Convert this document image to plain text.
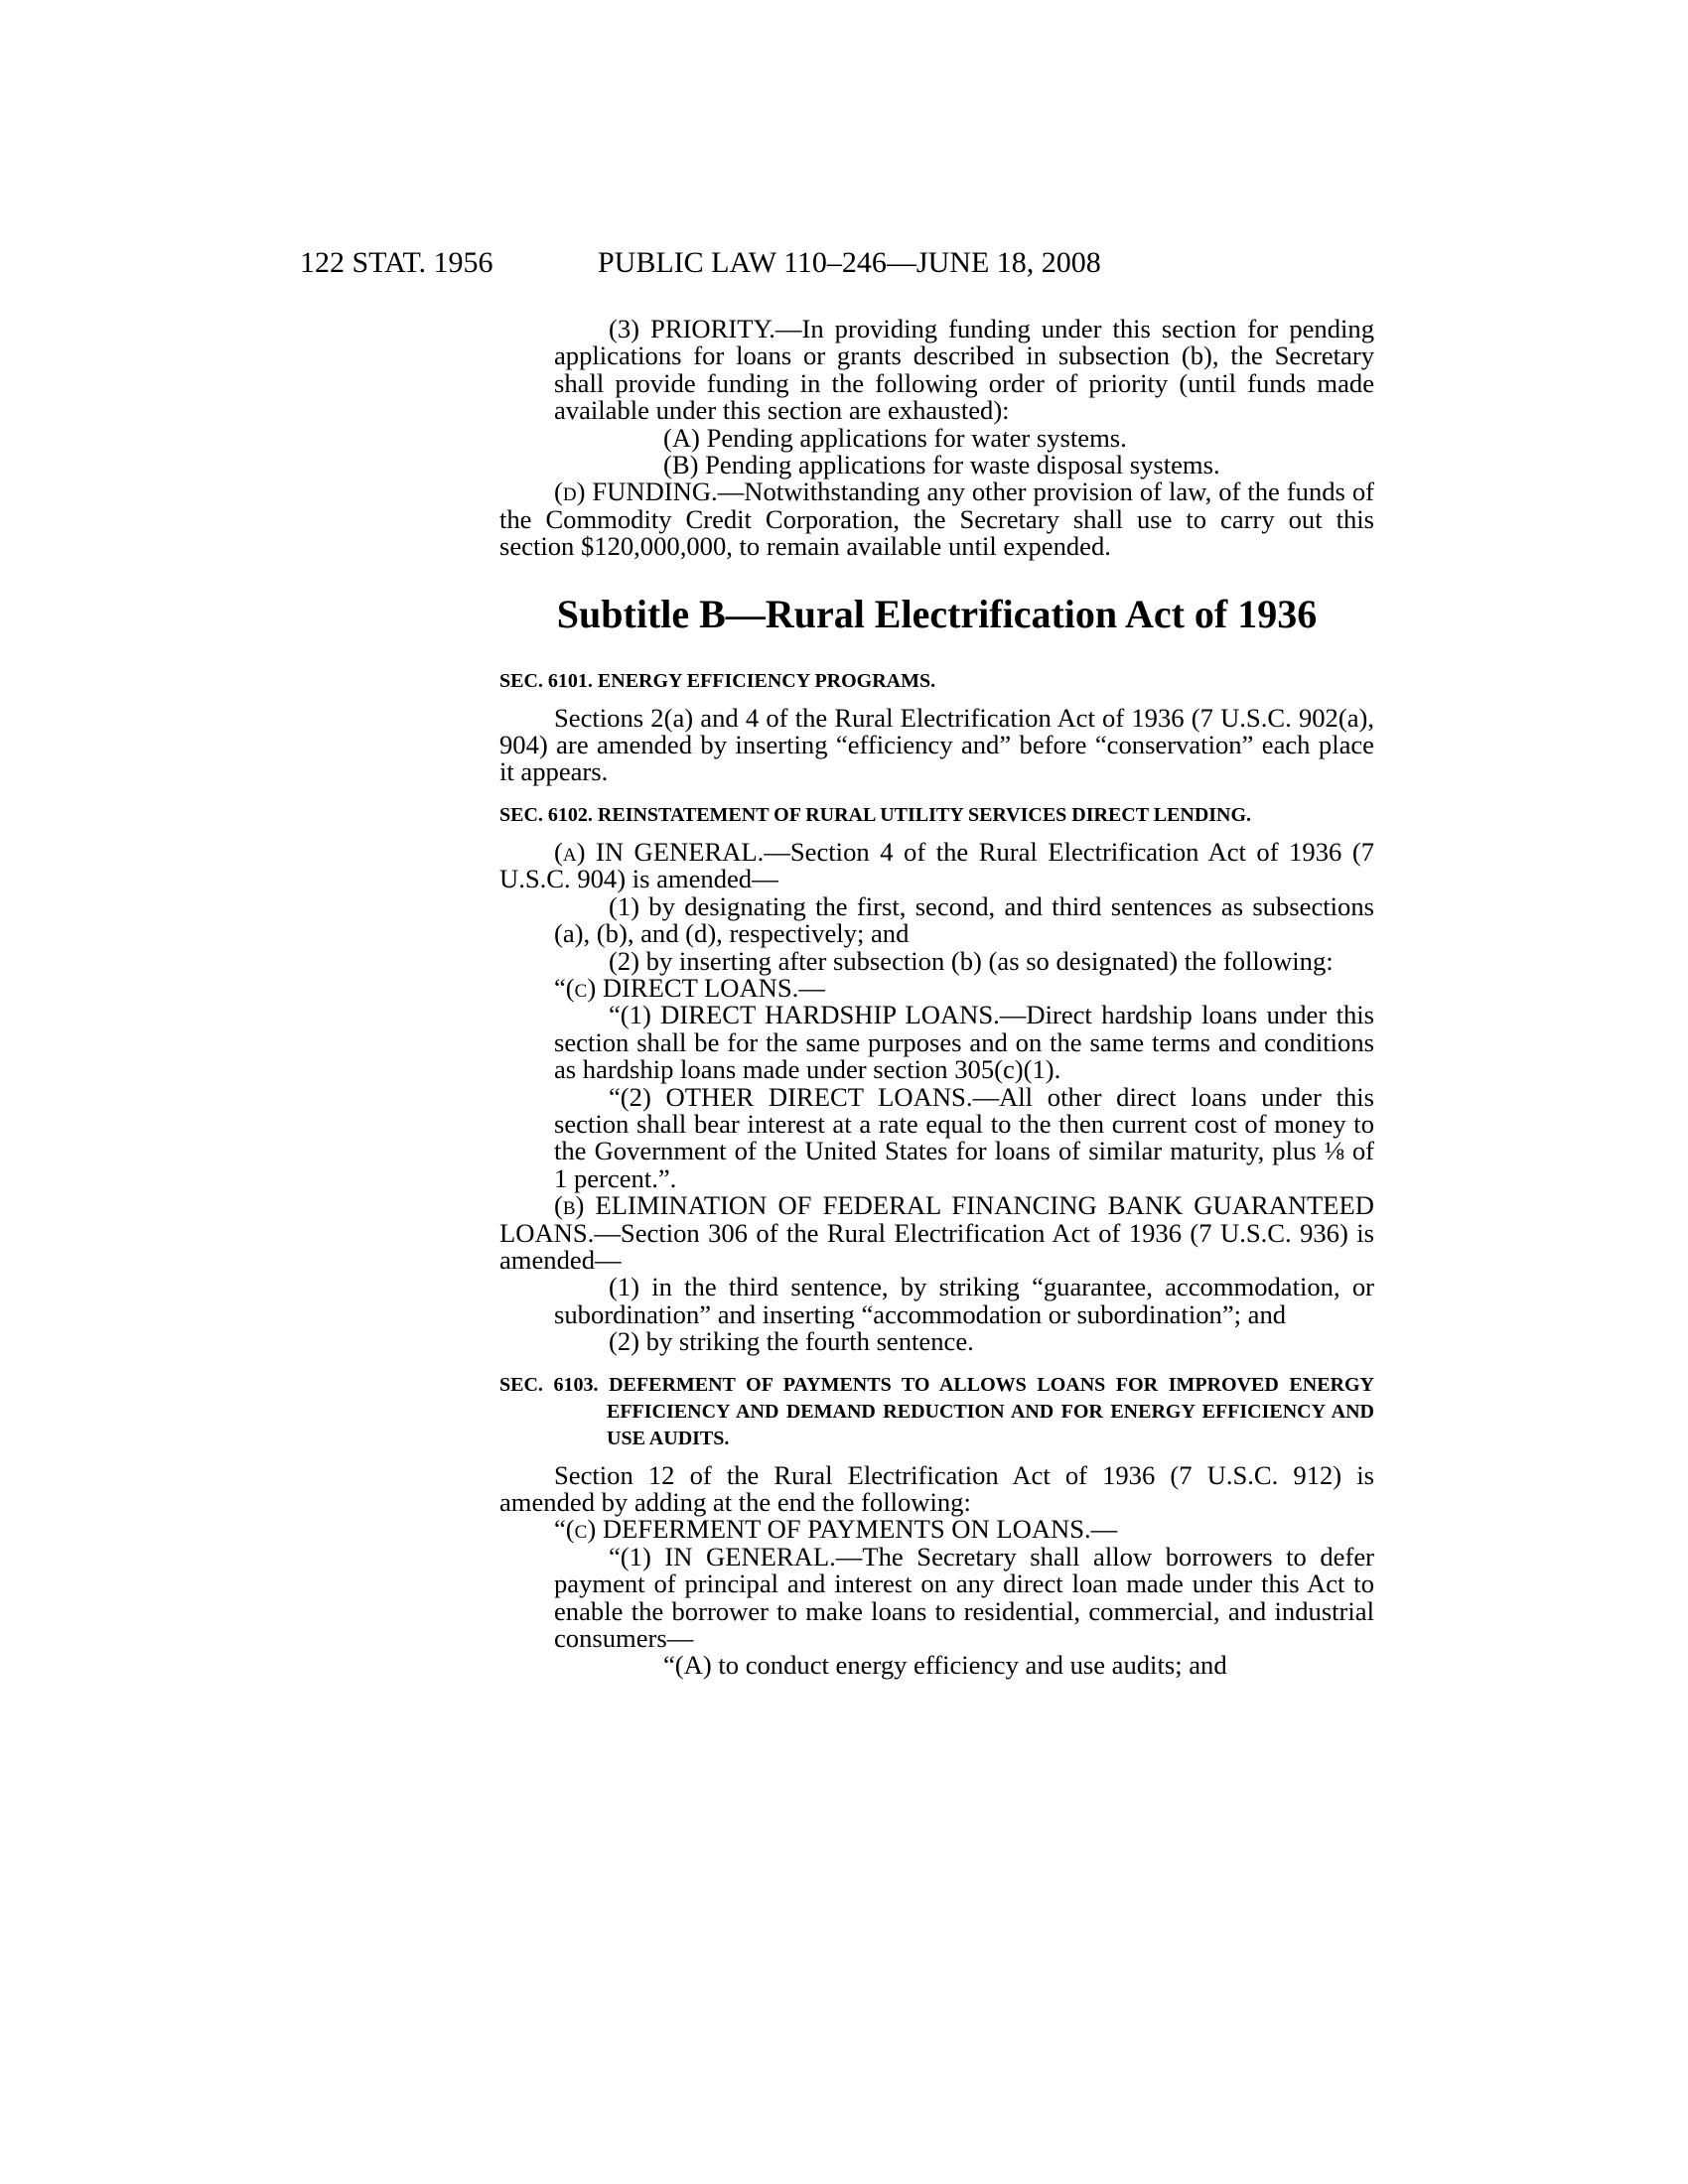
122 STAT. 1956	PUBLIC LAW 110–246—JUNE 18, 2008

(3) PRIORITY.—In providing funding under this section for pending applications for loans or grants described in subsection (b), the Secretary shall provide funding in the following order of priority (until funds made available under this section are exhausted):

(A) Pending applications for water systems.

(B) Pending applications for waste disposal systems.

(d) FUNDING.—Notwithstanding any other provision of law, of the funds of the Commodity Credit Corporation, the Secretary shall use to carry out this section $120,000,000, to remain available until expended.

Subtitle B—Rural Electrification Act of 1936
SEC. 6101. ENERGY EFFICIENCY PROGRAMS.

Sections 2(a) and 4 of the Rural Electrification Act of 1936 (7 U.S.C. 902(a), 904) are amended by inserting “efficiency and” before “conservation” each place it appears.

SEC. 6102. REINSTATEMENT OF RURAL UTILITY SERVICES DIRECT LENDING.

(a) IN GENERAL.—Section 4 of the Rural Electrification Act of 1936 (7 U.S.C. 904) is amended—

(1) by designating the first, second, and third sentences as subsections (a), (b), and (d), respectively; and

(2) by inserting after subsection (b) (as so designated) the following:

“(c) DIRECT LOANS.—

“(1) DIRECT HARDSHIP LOANS.—Direct hardship loans under this section shall be for the same purposes and on the same terms and conditions as hardship loans made under section 305(c)(1).

“(2) OTHER DIRECT LOANS.—All other direct loans under this section shall bear interest at a rate equal to the then current cost of money to the Government of the United States for loans of similar maturity, plus ⅛ of 1 percent.”.

(b) ELIMINATION OF FEDERAL FINANCING BANK GUARANTEED LOANS.—Section 306 of the Rural Electrification Act of 1936 (7 U.S.C. 936) is amended—

(1) in the third sentence, by striking “guarantee, accommodation, or subordination” and inserting “accommodation or subordination”; and

(2) by striking the fourth sentence.

SEC. 6103. DEFERMENT OF PAYMENTS TO ALLOWS LOANS FOR IMPROVED ENERGY EFFICIENCY AND DEMAND REDUCTION AND FOR ENERGY EFFICIENCY AND USE AUDITS.

Section 12 of the Rural Electrification Act of 1936 (7 U.S.C. 912) is amended by adding at the end the following:

“(c) DEFERMENT OF PAYMENTS ON LOANS.—

“(1) IN GENERAL.—The Secretary shall allow borrowers to defer payment of principal and interest on any direct loan made under this Act to enable the borrower to make loans to residential, commercial, and industrial consumers—

“(A) to conduct energy efficiency and use audits; and
